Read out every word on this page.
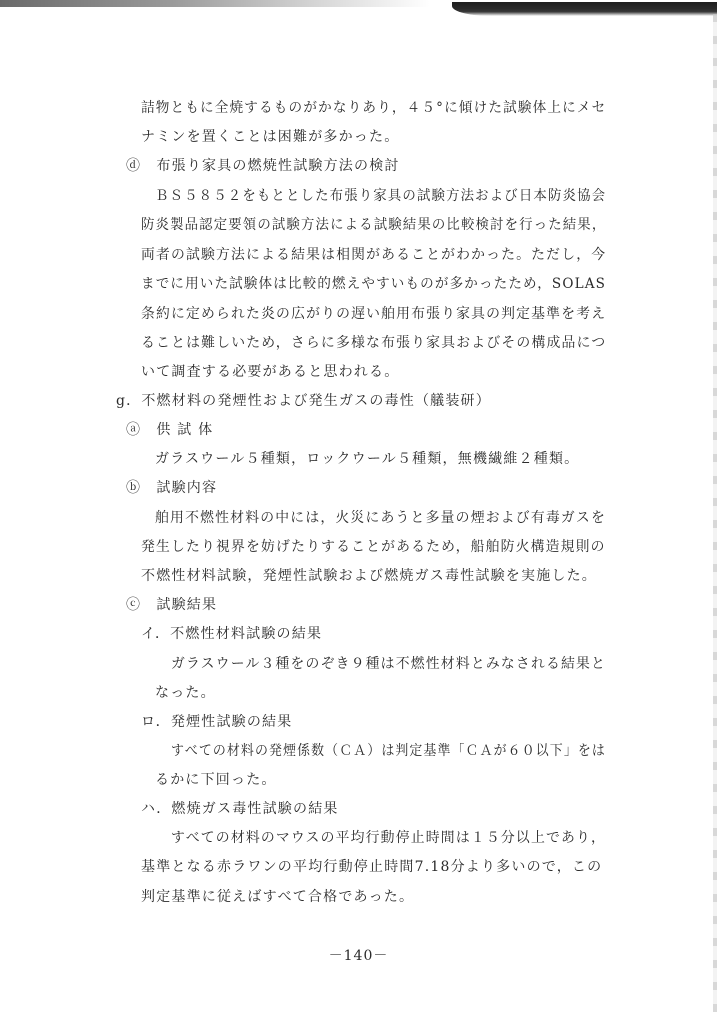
詰物ともに全焼するものがかなりあり，４５°に傾けた試験体上にメセ
ナミンを置くことは困難が多かった。
ⓓ　布張り家具の燃焼性試験方法の検討
ＢＳ５８５２をもととした布張り家具の試験方法および日本防炎協会
防炎製品認定要領の試験方法による試験結果の比較検討を行った結果，
両者の試験方法による結果は相関があることがわかった。ただし，今
までに用いた試験体は比較的燃えやすいものが多かったため，SOLAS
条約に定められた炎の広がりの遅い舶用布張り家具の判定基準を考え
ることは難しいため，さらに多様な布張り家具およびその構成品につ
いて調査する必要があると思われる。
g．不燃材料の発煙性および発生ガスの毒性（艤装研）
ⓐ　供 試 体
ガラスウール５種類，ロックウール５種類，無機繊維２種類。
ⓑ　試験内容
舶用不燃性材料の中には，火災にあうと多量の煙および有毒ガスを
発生したり視界を妨げたりすることがあるため，船舶防火構造規則の
不燃性材料試験，発煙性試験および燃焼ガス毒性試験を実施した。
ⓒ　試験結果
イ．不燃性材料試験の結果
ガラスウール３種をのぞき９種は不燃性材料とみなされる結果と
なった。
ロ．発煙性試験の結果
すべての材料の発煙係数（ＣＡ）は判定基準「ＣＡが６０以下」をは
るかに下回った。
ハ．燃焼ガス毒性試験の結果
すべての材料のマウスの平均行動停止時間は１５分以上であり，
基準となる赤ラワンの平均行動停止時間7.18分より多いので，この
判定基準に従えばすべて合格であった。
－140－
